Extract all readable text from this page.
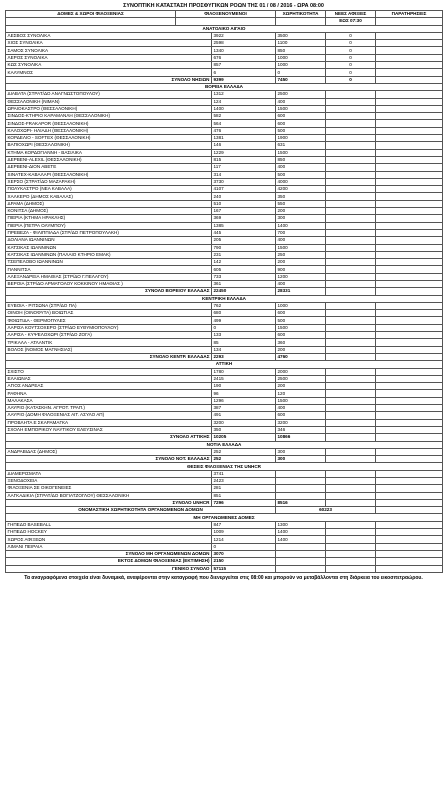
ΣΥΝΟΠΤΙΚΗ ΚΑΤΑΣΤΑΣΗ ΠΡΟΣΦΥΓΙΚΩΝ ΡΟΩΝ ΤΗΣ 01 / 08 / 2016 - ΩΡΑ 08:00
ΔΟΜΕΣ & ΧΩΡΟΙ ΦΙΛΟΞΕΝΙΑΣ	ΦΙΛΟΞΕΝΟΥΜΕΝΟΙ		ΧΩΡΗΤΙΚΟΤΗΤΑ	ΝΕΕΣ ΑΦΙΞΕΙΣ	ΠΑΡΑΤΗΡΗΣΕΙΣ
				ΕΩΣ 07:30	
ΑΝΑΤΟΛΙΚΟ ΑΙΓΑΙΟ					
ΛΕΣΒΟΣ ΣΥΝΟΛΙΚΑ		3922	3500	0	
ΧΙΟΣ ΣΥΝΟΛΙΚΑ		2598	1100	0	
ΣΑΜΟΣ ΣΥΝΟΛΙΚΑ		1340	850	0	
ΛΕΡΟΣ ΣΥΝΟΛΙΚΑ		676	1000	0	
ΚΩΣ ΣΥΝΟΛΙΚΑ		857	1000	0	
ΚΑΛΥΜΝΟΣ		6	0	0	
ΣΥΝΟΛΟ ΝΗΣΙΩΝ		9399	7450	0	
ΒΟΡΕΙΑ ΕΛΛΑΔΑ					
ΔΙΑΒΑΤΑ (ΣΤΡΑΤ/ΔΟ ΑΝΑΓΝΩΣΤΟΠΟΥΛΟΥ)		1312	2500		
ΘΕΣΣΑΛΟΝΙΚΗ (ΝΙΜΑΝ)		124	400		
ΩΡΑΙΟΚΑΣΤΡΟ (ΘΕΣΣΑΛΟΝΙΚΗ)		1400	1500		
ΣΙΝΔΟΣ-ΚΤΗΡΙΟ ΚΑΡΑΜΑΝΛΗ (ΘΕΣΣΑΛΟΝΙΚΗ)		582	600		
ΣΙΝΔΟΣ-FRAKAPOR (ΘΕΣΣΑΛΟΝΙΚΗ)		564	600		
ΚΑΛΟΧΩΡΙ- ΗΛΙΑΔΗ (ΘΕΣΣΑΛΟΝΙΚΗ)		476	500		
ΚΟΡΔΕΛΙΟ - SOFTEX (ΘΕΣΣΑΛΟΝΙΚΗ)		1381	1900		
ΒΑΠΙΟΧΩΡΙ (ΘΕΣΣΑΛΟΝΙΚΗ)		146	631		
ΚΤΗΜΑ ΚΟΡΔΟΓΙΑΝΝΗ - ΒΑΣΙΛΙΚΑ		1229	1500		
ΔΕΡΒΕΝΙ-ALEXIL (ΘΕΣΣΑΛΟΝΙΚΗ)		815	850		
ΔΕΡΒΕΝΙ-ΔΙΟΝ ΑΒΕΤΕ		117	400		
SINATEX-ΚΑΒΑΛΑΡΙ (ΘΕΣΣΑΛΟΝΙΚΗ)		314	500		
ΧΕΡΣΟ (ΣΤΡΑΤ/ΔΟ ΜΑΖΑΡΑΚΗ)		3730	4000		
ΠΟΛΥΚΑΣΤΡΟ (ΝΕΑ ΚΑΒΑΛΑ)		4107	4200		
ΧΑΛΚΕΡΟ (ΔΗΜΟΣ ΚΑΒΑΛΑΣ)		240	350		
ΔΡΑΜΑ (ΔΗΜΟΣ)		510	550		
ΚΟΝΙΤΣΑ (ΔΗΜΟΣ)		167	200		
ΠΙΕΡΙΑ (ΚΤΗΜΑ ΗΡΑΚΛΗΣ)		369	300		
ΠΙΕΡΙΑ (ΠΕΤΡΑ ΟΛΥΜΠΟΥ)		1385	1400		
ΠΡΕΒΕΖΑ - ΦΙΛΙΠΠΙΑΔΑ (ΣΤΡ/ΔΟ ΠΕΤΡΟΠΟΥΛΑΚΗ)		445	700		
ΔΟΛΙΑΝΑ ΙΩΑΝΝΙΝΩΝ		205	400		
ΚΑΤΣΙΚΑΣ ΙΩΑΝΝΙΝΩΝ		790	1500		
ΚΑΤΣΙΚΑΣ ΙΩΑΝΝΙΝΩΝ (ΠΑΛΑΙΟ ΚΤΗΡΙΟ ΕΜΑΚ)		231	250		
ΤΣΕΠΕΛΟΒΟ ΙΩΑΝΝΙΝΩΝ		142	200		
ΠΑΝΝΙΤΣΑ		605	900		
ΑΛΕΞΑΝΔΡΕΙΑ ΗΜΑΘΙΑΣ (ΣΤΡ/ΔΟ Γ.ΠΕΛΑΓΟΥ)		733	1200		
ΒΕΡΟΙΑ (ΣΤΡ/ΔΟ ΑΡΜΑΤΟΛΟΥ ΚΟΚΚΙΝΟΥ ΗΜΑΘΙΑΣ )		361	400		
ΣΥΝΟΛΟ ΒΟΡΕΙΟΥ ΕΛΛΑΔΑΣ		22450	28331		
ΚΕΝΤΡΙΚΗ ΕΛΛΑΔΑ					
ΕΥΒΟΙΑ - ΡΙΤΣΩΝΑ (ΣΤΡ/ΔΟ ΠΑ)		762	1000		
ΟΙΝΟΗ (ΟΙΝΟΦΥΤΑ) ΒΟΙΩΤΙΑΣ		680	600		
ΦΘΙΩΤΙΔΑ - ΘΕΡΜΟΠΥΛΕΣ		499	500		
ΛΑΡΙΣΑ ΚΟΥΤΣΟΧΕΡΟ (ΣΤΡ/ΔΟ ΕΥΘΥΜΙΟΠΟΥΛΟΥ)		0	1500		
ΛΑΡΙΣΑ - ΚΥΨΕΛΟΧΩΡΙ (ΣΤΡ/ΔΟ ΖΟΓΑ)		133	600		
ΤΡΙΚΑΛΑ - ΑΤΛΑΝΤΙΚ		85	360		
ΒΟΛΟΣ (ΝΟΜΟΣ ΜΑΓΝΗΣΙΑΣ)		134	200		
ΣΥΝΟΛΟ ΚΕΝΤΡ. ΕΛΛΑΔΑΣ		2293	4760		
ΑΤΤΙΚΗ					
ΣΧΙΣΤΟ		1780	2000		
ΕΛΑΙΩΝΑΣ		2415	2500		
ΑΓΙΟΣ ΑΝΔΡΕΑΣ		190	200		
ΡΑΦΗΝΑ		96	120		
ΜΑΛΑΚΑΣΑ		1296	1500		
ΛΑΥΡΙΟ (ΚΑΤΑΣΚΗΝ. ΑΓΡΟΤ. ΤΡΑΠ.)		387	400		
ΛΑΥΡΙΟ (ΔΟΜΗ ΦΙΛΟΞΕΝΙΑΣ ΑΙΤ. ΑΣΥΛΟ ΑΠ)		491	600		
ΠΡΟΒΛΗΤΑ Ε ΣΚΑΡΑΜΑΓΚΑ		3200	3200		
ΣΧΟΛΗ ΕΜΠΟΡΙΚΟΥ ΝΑΥΤΙΚΟΥ ΕΛΕΥΣΙΝΑΣ		350	346		
ΣΥΝΟΛΟ ΑΤΤΙΚΗΣ		10205	10866		
ΝΟΤΙΑ ΕΛΛΑΔΑ					
ΑΝΔΡΑΒΙΔΑΣ (ΔΗΜΟΣ)		252	300		
ΣΥΝΟΛΟ ΝΟΤ. ΕΛΛΑΔΑΣ		252	300		
ΘΕΣΕΙΣ ΦΙΛΟΞΕΝΙΑΣ ΤΗΣ UNHCR					
ΔΙΑΜΕΡΙΣΜΑΤΑ		3741			
ΞΕΝΟΔΟΧΕΙΑ		2423			
ΦΙΛΟΞΕΝΙΑ ΣΕ ΟΙΚΟΓΕΝΕΙΕΣ		281			
ΛΑΓΚΑΔΙΚΙΑ (ΣΤΡΑΤ/ΔΟ ΒΟΓΙΑΤΖΟΓΛΟΥ) ΘΕΣΣΑΛΟΝΙΚΗ		851			
ΣΥΝΟΛΟ UNHCR		7296	8516		
ΟΝΟΜΑΣΤΙΚΗ ΧΩΡΗΤΙΚΟΤΗΤΑ ΟΡΓΑΝΩΜΕΝΩΝ ΔΟΜΩΝ			60223		
ΜΗ ΟΡΓΑΝΩΜΕΝΕΣ ΔΟΜΕΣ					
ΓΗΠΕΔΟ BASEBALL		847	1300		
ΓΗΠΕΔΟ HOCKEY		1009	1400		
ΧΩΡΟΣ ΑΦΙΞΕΩΝ		1214	1400		
ΛΙΜΑΝΙ ΠΕΙΡΑΙΑ		0			
ΣΥΝΟΛΟ ΜΗ ΟΡΓΑΝΩΜΕΝΩΝ ΔΟΜΩΝ		3070			
ΕΚΤΟΣ ΔΟΜΩΝ ΦΙΛΟΞΕΝΙΑΣ (ΕΚΤΙΜΗΣΗ)		2150			
ΓΕΝΙΚΟ ΣΥΝΟΛΟ		57115			
Τα αναγραφόμενα στοιχεία είναι δυναμικά, αναφέρονται στην καταγραφή που διενεργείται στις 08:00 και μπορούν να μεταβάλλονται στη διάρκεια του εικοσιτετραώρου.
